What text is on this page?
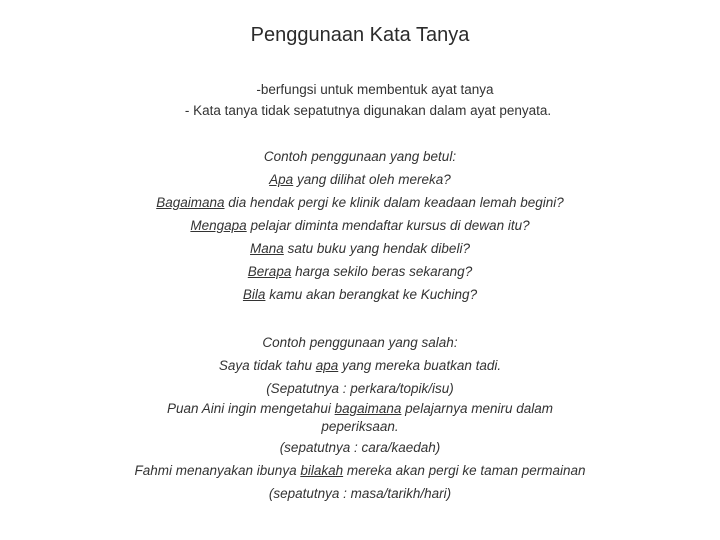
Penggunaan Kata Tanya
-berfungsi untuk membentuk ayat tanya
- Kata tanya tidak sepatutnya digunakan dalam ayat penyata.
Contoh penggunaan yang betul:
Apa yang dilihat oleh mereka?
Bagaimana dia hendak pergi ke klinik dalam keadaan lemah begini?
Mengapa pelajar diminta mendaftar kursus di dewan itu?
Mana satu buku yang hendak dibeli?
Berapa harga sekilo beras sekarang?
Bila kamu akan berangkat ke Kuching?
Contoh penggunaan yang salah:
Saya tidak tahu apa yang mereka buatkan tadi.
(Sepatutnya : perkara/topik/isu)
Puan Aini ingin mengetahui bagaimana pelajarnya meniru dalam
peperiksaan.
(sepatutnya : cara/kaedah)
Fahmi menanyakan ibunya bilakah mereka akan pergi ke taman permainan
(sepatutnya : masa/tarikh/hari)
